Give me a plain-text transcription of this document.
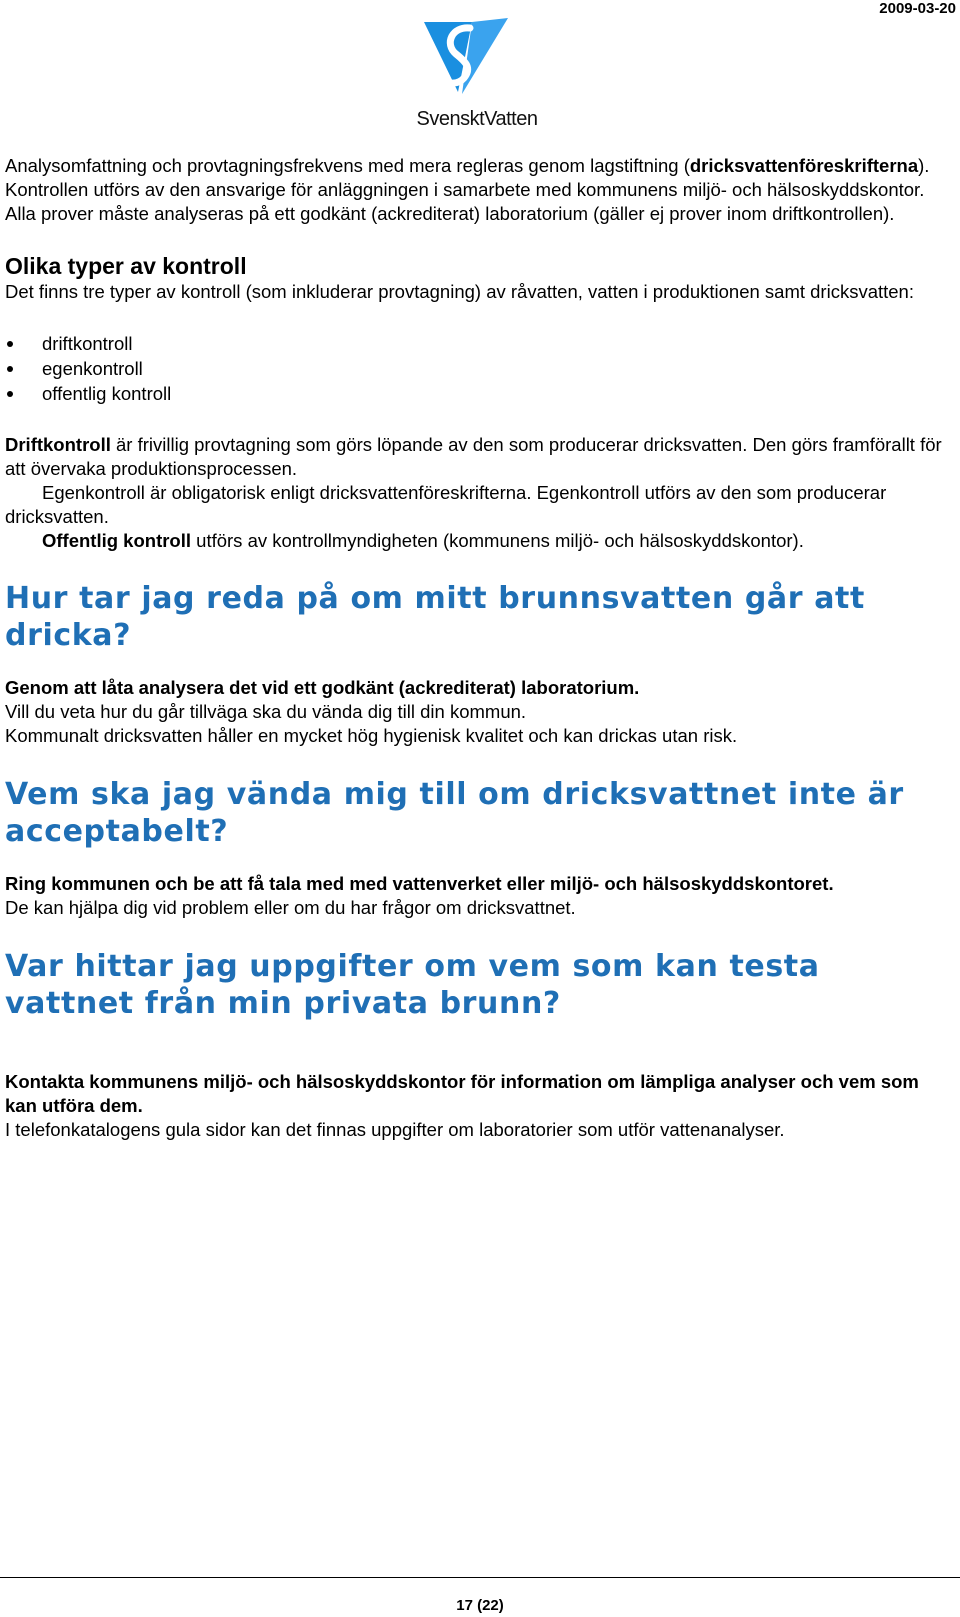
2009-03-20
SvensktVatten

Analysomfattning och provtagningsfrekvens med mera regleras genom lagstiftning (dricksvattenföreskrifterna).

Kontrollen utförs av den ansvarige för anläggningen i samarbete med kommunens miljö- och hälsoskyddskontor.

Alla prover måste analyseras på ett godkänt (ackrediterat) laboratorium (gäller ej prover inom driftkontrollen).

Olika typer av kontroll

Det finns tre typer av kontroll (som inkluderar provtagning) av råvatten, vatten i produktionen samt dricksvatten:

driftkontroll
egenkontroll
offentlig kontroll

Driftkontroll är frivillig provtagning som görs löpande av den som producerar dricksvatten. Den görs framförallt för att övervaka produktionsprocessen.

Egenkontroll är obligatorisk enligt dricksvattenföreskrifterna. Egenkontroll utförs av den som producerar dricksvatten.

Offentlig kontroll utförs av kontrollmyndigheten (kommunens miljö- och hälsoskyddskontor).

Hur tar jag reda på om mitt brunnsvatten går att dricka?

Genom att låta analysera det vid ett godkänt (ackrediterat) laboratorium.

Vill du veta hur du går tillväga ska du vända dig till din kommun.

Kommunalt dricksvatten håller en mycket hög hygienisk kvalitet och kan drickas utan risk.

Vem ska jag vända mig till om dricksvattnet inte är acceptabelt?

Ring kommunen och be att få tala med med vattenverket eller miljö- och hälsoskyddskontoret.

De kan hjälpa dig vid problem eller om du har frågor om dricksvattnet.

Var hittar jag uppgifter om vem som kan testa vattnet från min privata brunn?

Kontakta kommunens miljö- och hälsoskyddskontor för information om lämpliga analyser och vem som kan utföra dem.

I telefonkatalogens gula sidor kan det finnas uppgifter om laboratorier som utför vattenanalyser.

17 (22)
